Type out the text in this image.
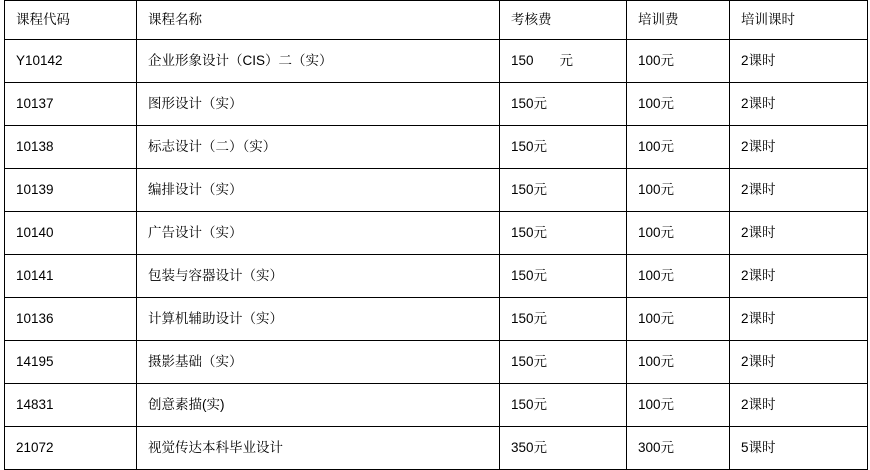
课程代码	课程名称	考核费	培训费	培训课时
Y10142	企业形象设计（CIS）二（实）	150 元	100元	2课时
10137	图形设计（实）	150元	100元	2课时
10138	标志设计（二）（实）	150元	100元	2课时
10139	编排设计（实）	150元	100元	2课时
10140	广告设计（实）	150元	100元	2课时
10141	包装与容器设计（实）	150元	100元	2课时
10136	计算机辅助设计（实）	150元	100元	2课时
14195	摄影基础（实）	150元	100元	2课时
14831	创意素描(实)	150元	100元	2课时
21072	视觉传达本科毕业设计	350元	300元	5课时
